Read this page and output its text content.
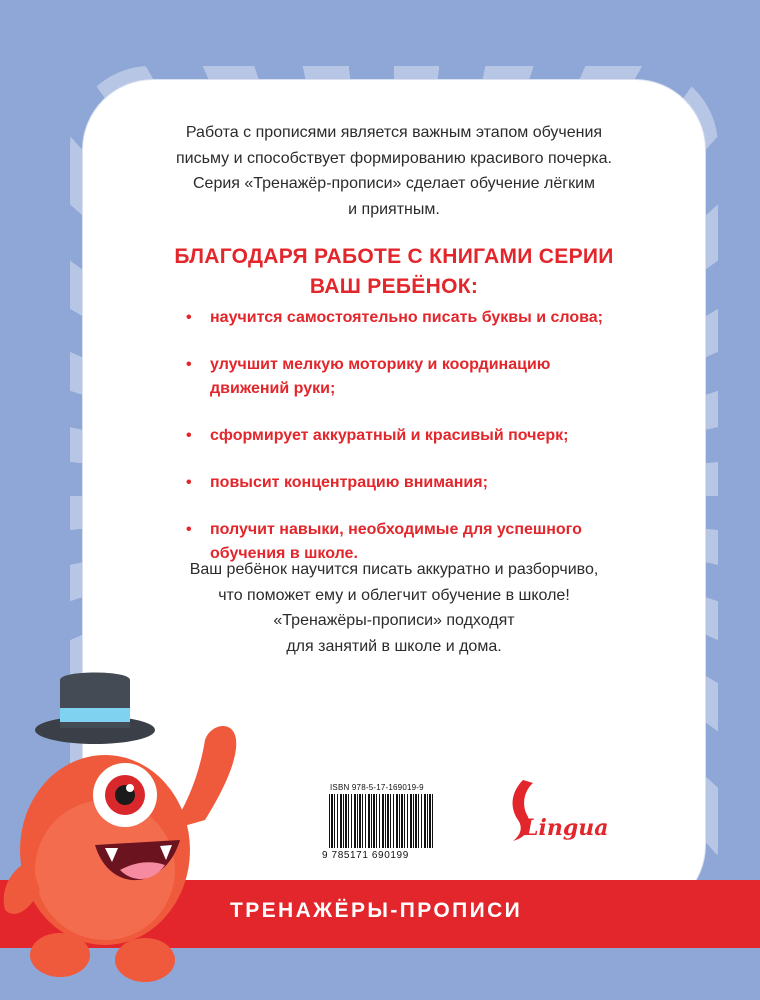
Работа с прописями является важным этапом обучения
письму и способствует формированию красивого почерка.
Серия «Тренажёр-прописи» сделает обучение лёгким
и приятным.
БЛАГОДАРЯ РАБОТЕ С КНИГАМИ СЕРИИ
ВАШ РЕБЁНОК:
• научится самостоятельно писать буквы и слова;
• улучшит мелкую моторику и координацию
движений руки;
• сформирует аккуратный и красивый почерк;
• повысит концентрацию внимания;
• получит навыки, необходимые для успешного
обучения в школе.
Ваш ребёнок научится писать аккуратно и разборчиво,
что поможет ему и облегчит обучение в школе!
«Тренажёры-прописи» подходят
для занятий в школе и дома.
ISBN 978-5-17-169019-9
9 785171 690199
Lingua
ТРЕНАЖЁРЫ-ПРОПИСИ
